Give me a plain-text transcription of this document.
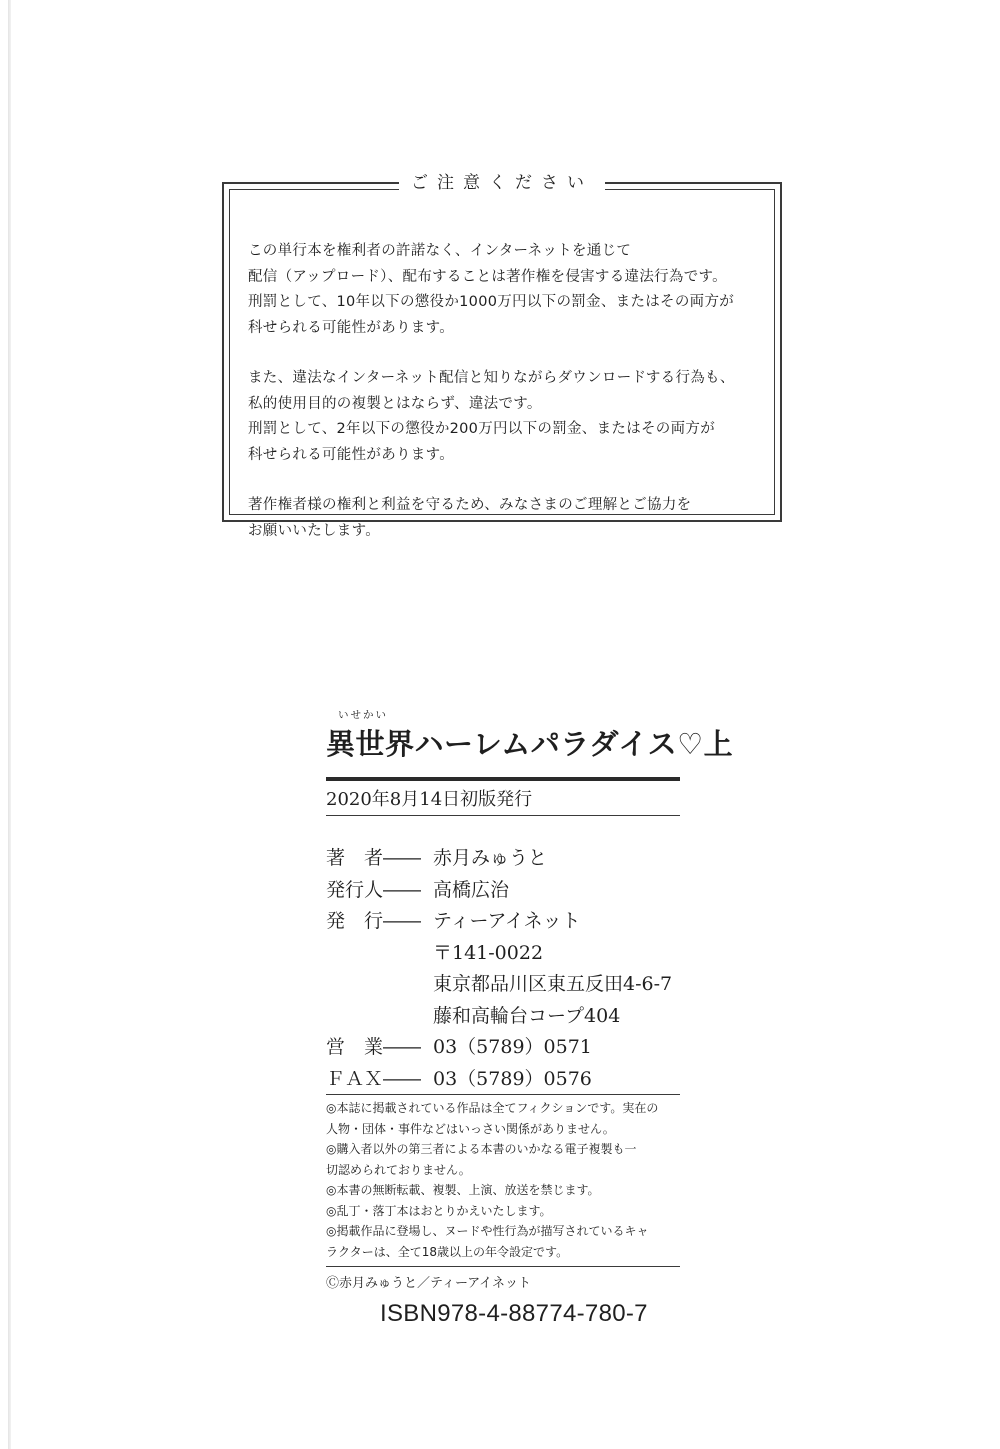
ご注意ください

この単行本を権利者の許諾なく、インターネットを通じて
配信（アップロード）、配布することは著作権を侵害する違法行為です。
刑罰として、10年以下の懲役か1000万円以下の罰金、またはその両方が
科せられる可能性があります。

また、違法なインターネット配信と知りながらダウンロードする行為も、
私的使用目的の複製とはならず、違法です。
刑罰として、2年以下の懲役か200万円以下の罰金、またはその両方が
科せられる可能性があります。

著作権者様の権利と利益を守るため、みなさまのご理解とご協力を
お願いいたします。

いせかい
異世界ハーレムパラダイス♡上
2020年8月14日初版発行
著　者―― 赤月みゅうと
発行人―― 高橋広治
発　行―― ティーアイネット
〒141-0022
東京都品川区東五反田4-6-7
藤和高輪台コープ404
営　業―― 03（5789）0571
ＦＡＸ―― 03（5789）0576
◎本誌に掲載されている作品は全てフィクションです。実在の
人物・団体・事件などはいっさい関係がありません。
◎購入者以外の第三者による本書のいかなる電子複製も一
切認められておりません。
◎本書の無断転載、複製、上演、放送を禁じます。
◎乱丁・落丁本はおとりかえいたします。
◎掲載作品に登場し、ヌードや性行為が描写されているキャ
ラクターは、全て18歳以上の年令設定です。
Ⓒ赤月みゅうと／ティーアイネット
ISBN978-4-88774-780-7
